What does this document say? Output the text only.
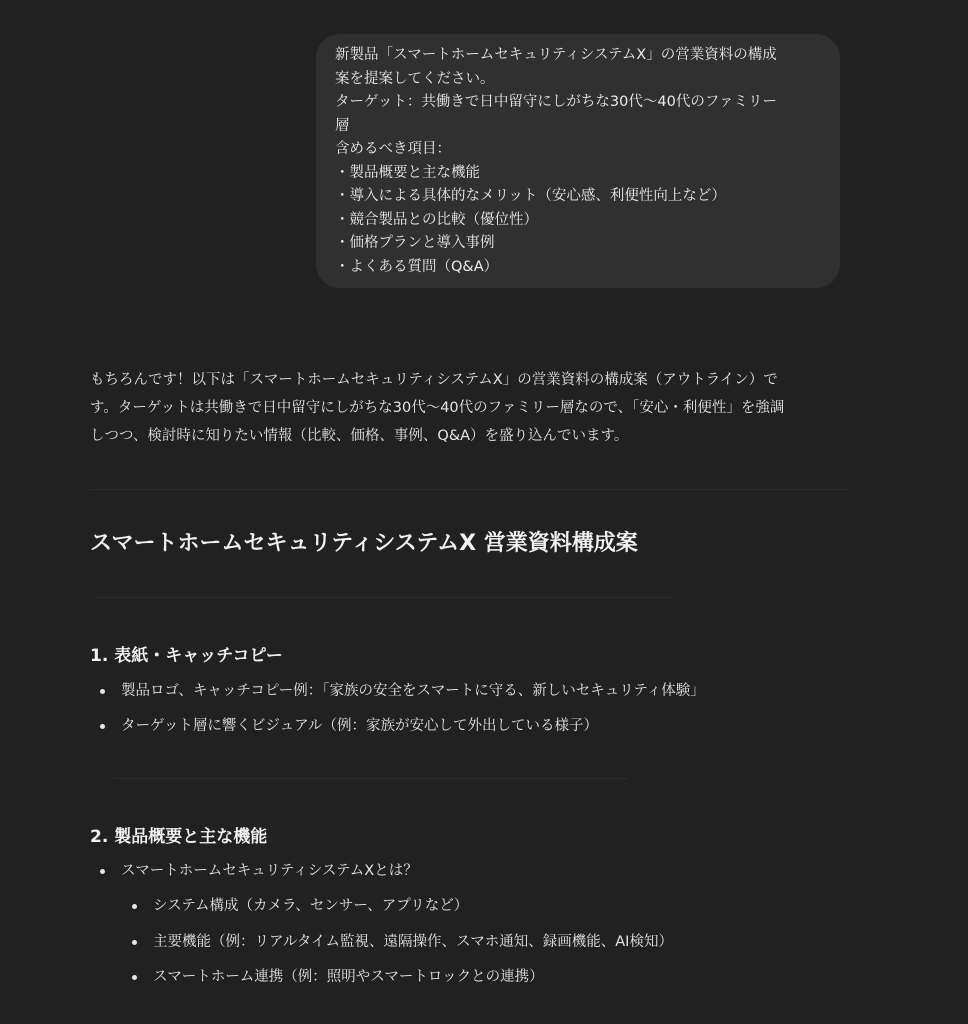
新製品「スマートホームセキュリティシステムX」の営業資料の構成
案を提案してください。
ターゲット：共働きで日中留守にしがちな30代〜40代のファミリー
層
含めるべき項目：
・製品概要と主な機能
・導入による具体的なメリット（安心感、利便性向上など）
・競合製品との比較（優位性）
・価格プランと導入事例
・よくある質問（Q&A）
もちろんです！以下は「スマートホームセキュリティシステムX」の営業資料の構成案（アウトライン）で
す。ターゲットは共働きで日中留守にしがちな30代〜40代のファミリー層なので、「安心・利便性」を強調
しつつ、検討時に知りたい情報（比較、価格、事例、Q&A）を盛り込んでいます。
スマートホームセキュリティシステムX 営業資料構成案
1. 表紙・キャッチコピー
製品ロゴ、キャッチコピー例：「家族の安全をスマートに守る、新しいセキュリティ体験」
ターゲット層に響くビジュアル（例：家族が安心して外出している様子）
2. 製品概要と主な機能
スマートホームセキュリティシステムXとは？
システム構成（カメラ、センサー、アプリなど）
主要機能（例：リアルタイム監視、遠隔操作、スマホ通知、録画機能、AI検知）
スマートホーム連携（例：照明やスマートロックとの連携）
